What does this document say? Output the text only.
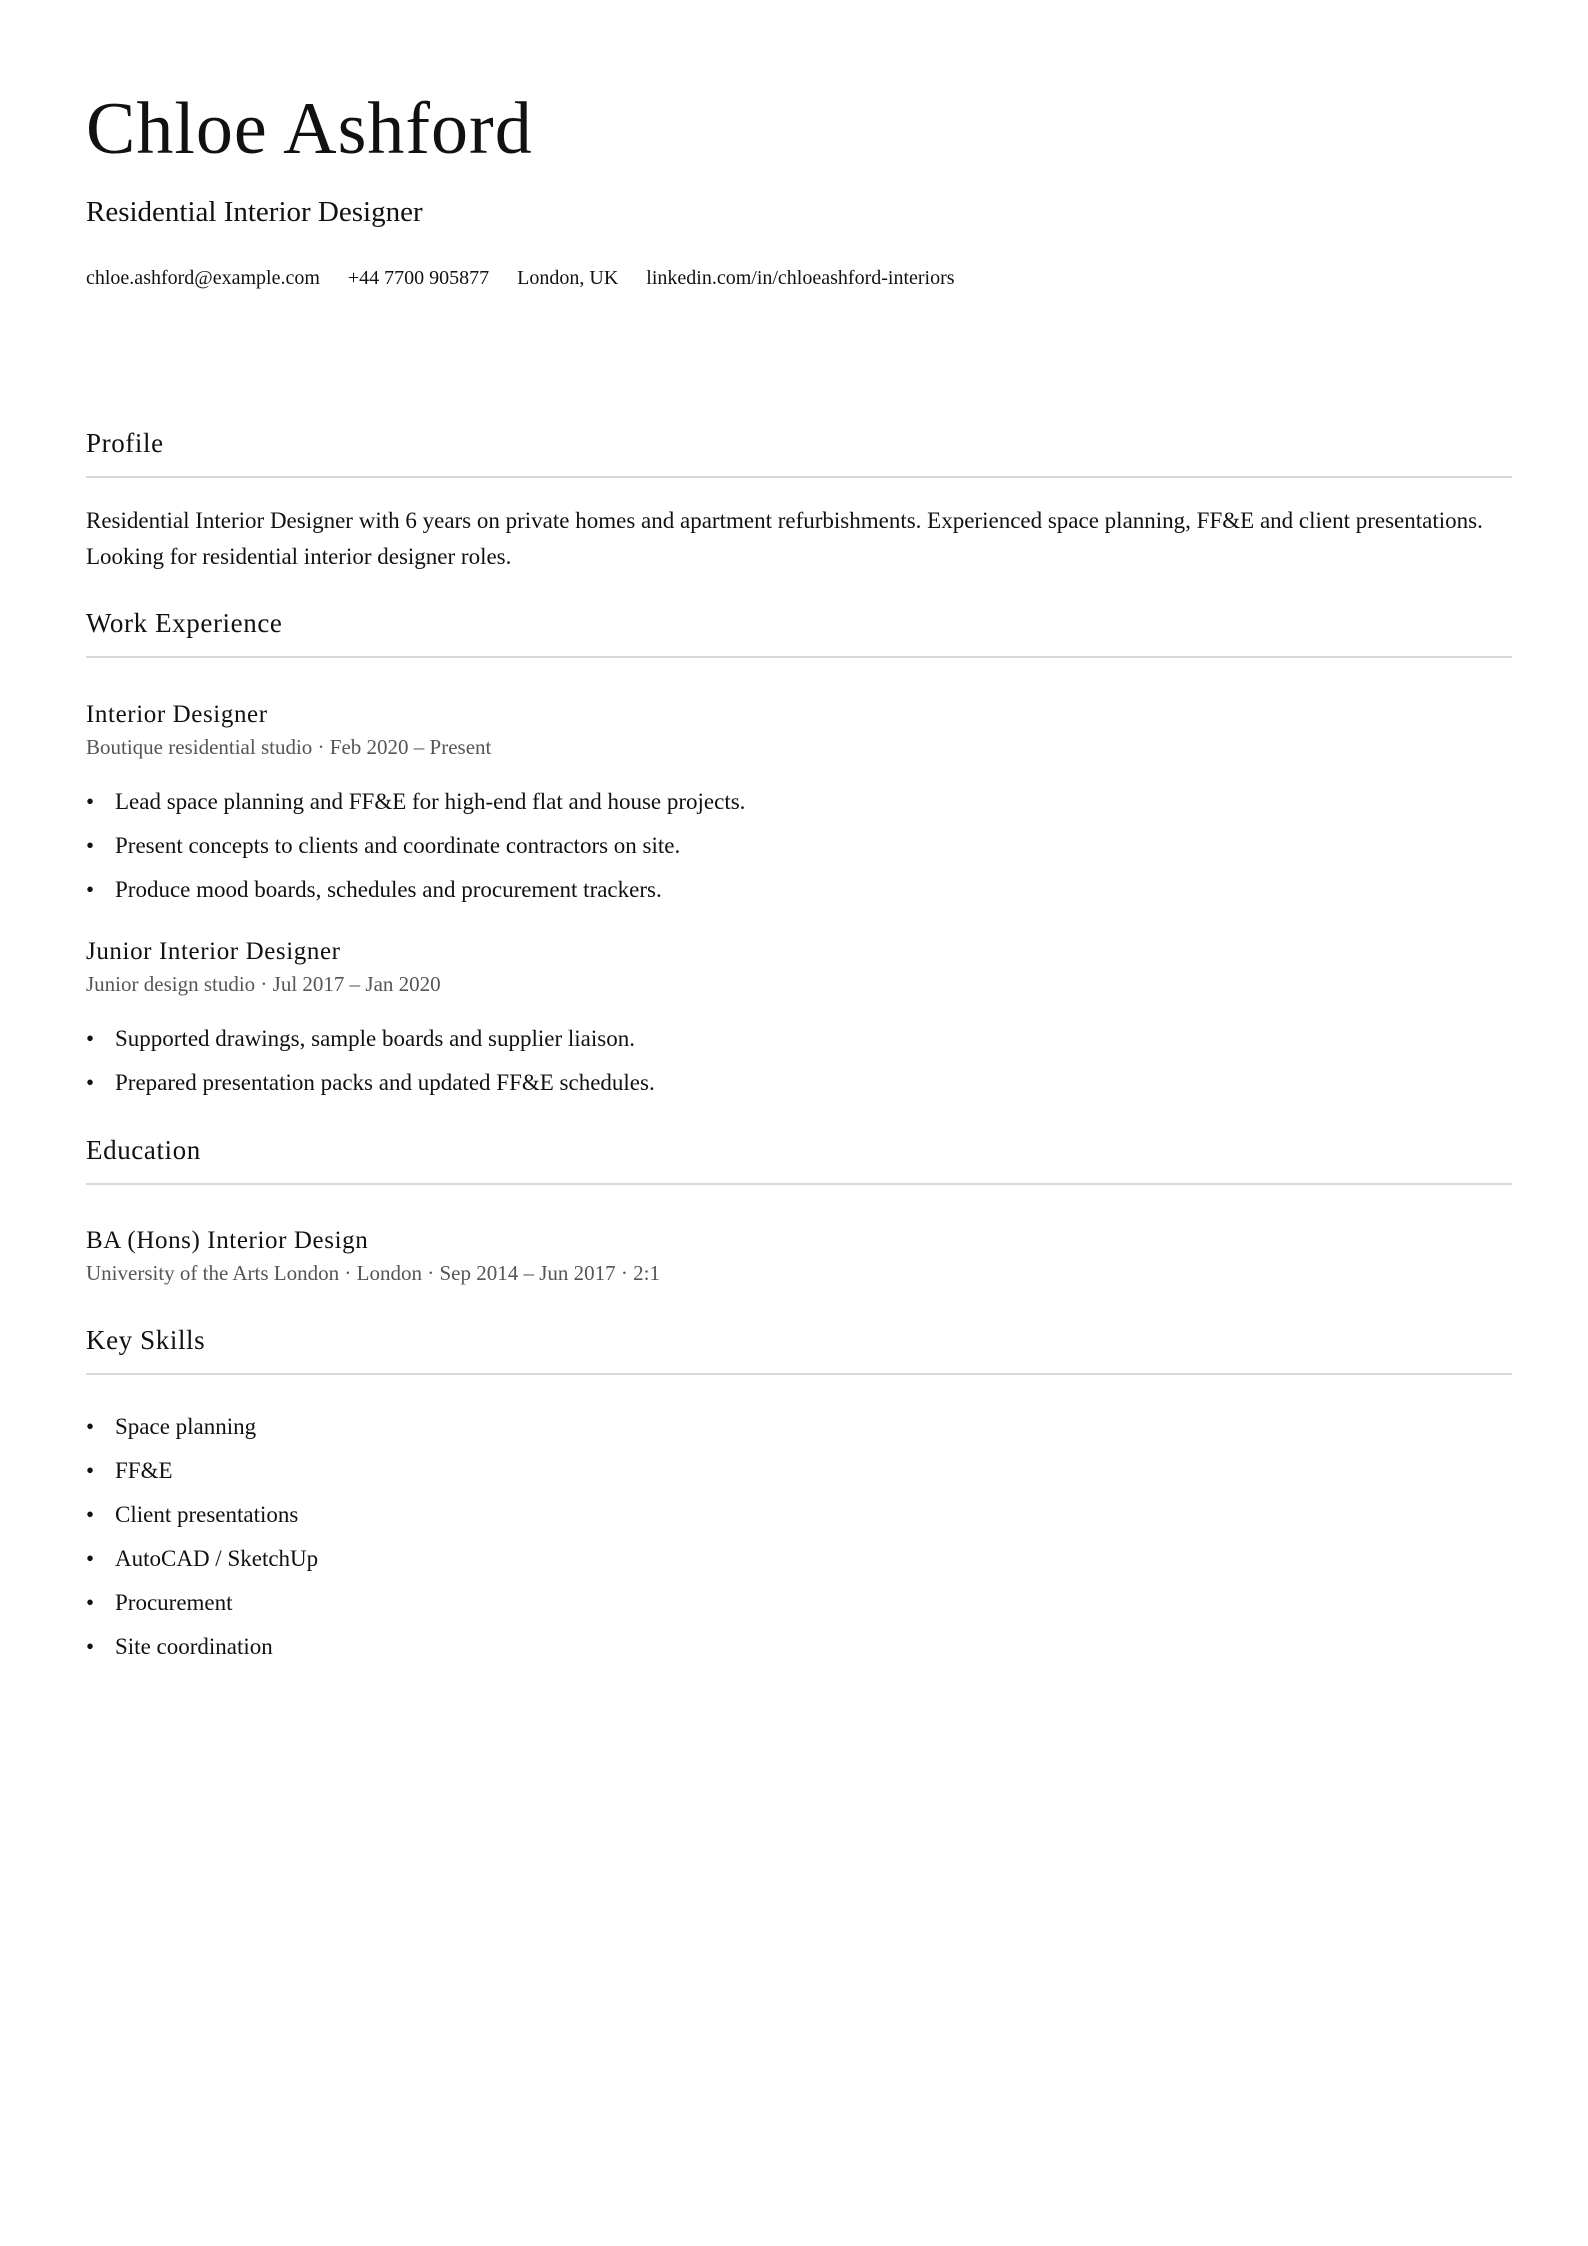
Chloe Ashford

Residential Interior Designer

chloe.ashford@example.com +44 7700 905877 London, UK linkedin.com/in/chloeashford-interiors
Profile

Residential Interior Designer with 6 years on private homes and apartment refurbishments. Experienced space planning, FF&E and client presentations. Looking for residential interior designer roles.

Work Experience
Interior Designer
Boutique residential studio · Feb 2020 – Present
• Lead space planning and FF&E for high-end flat and house projects.
• Present concepts to clients and coordinate contractors on site.
• Produce mood boards, schedules and procurement trackers.
Junior Interior Designer
Junior design studio · Jul 2017 – Jan 2020
• Supported drawings, sample boards and supplier liaison.
• Prepared presentation packs and updated FF&E schedules.
Education
BA (Hons) Interior Design
University of the Arts London · London · Sep 2014 – Jun 2017 · 2:1
Key Skills
• Space planning
• FF&E
• Client presentations
• AutoCAD / SketchUp
• Procurement
• Site coordination
